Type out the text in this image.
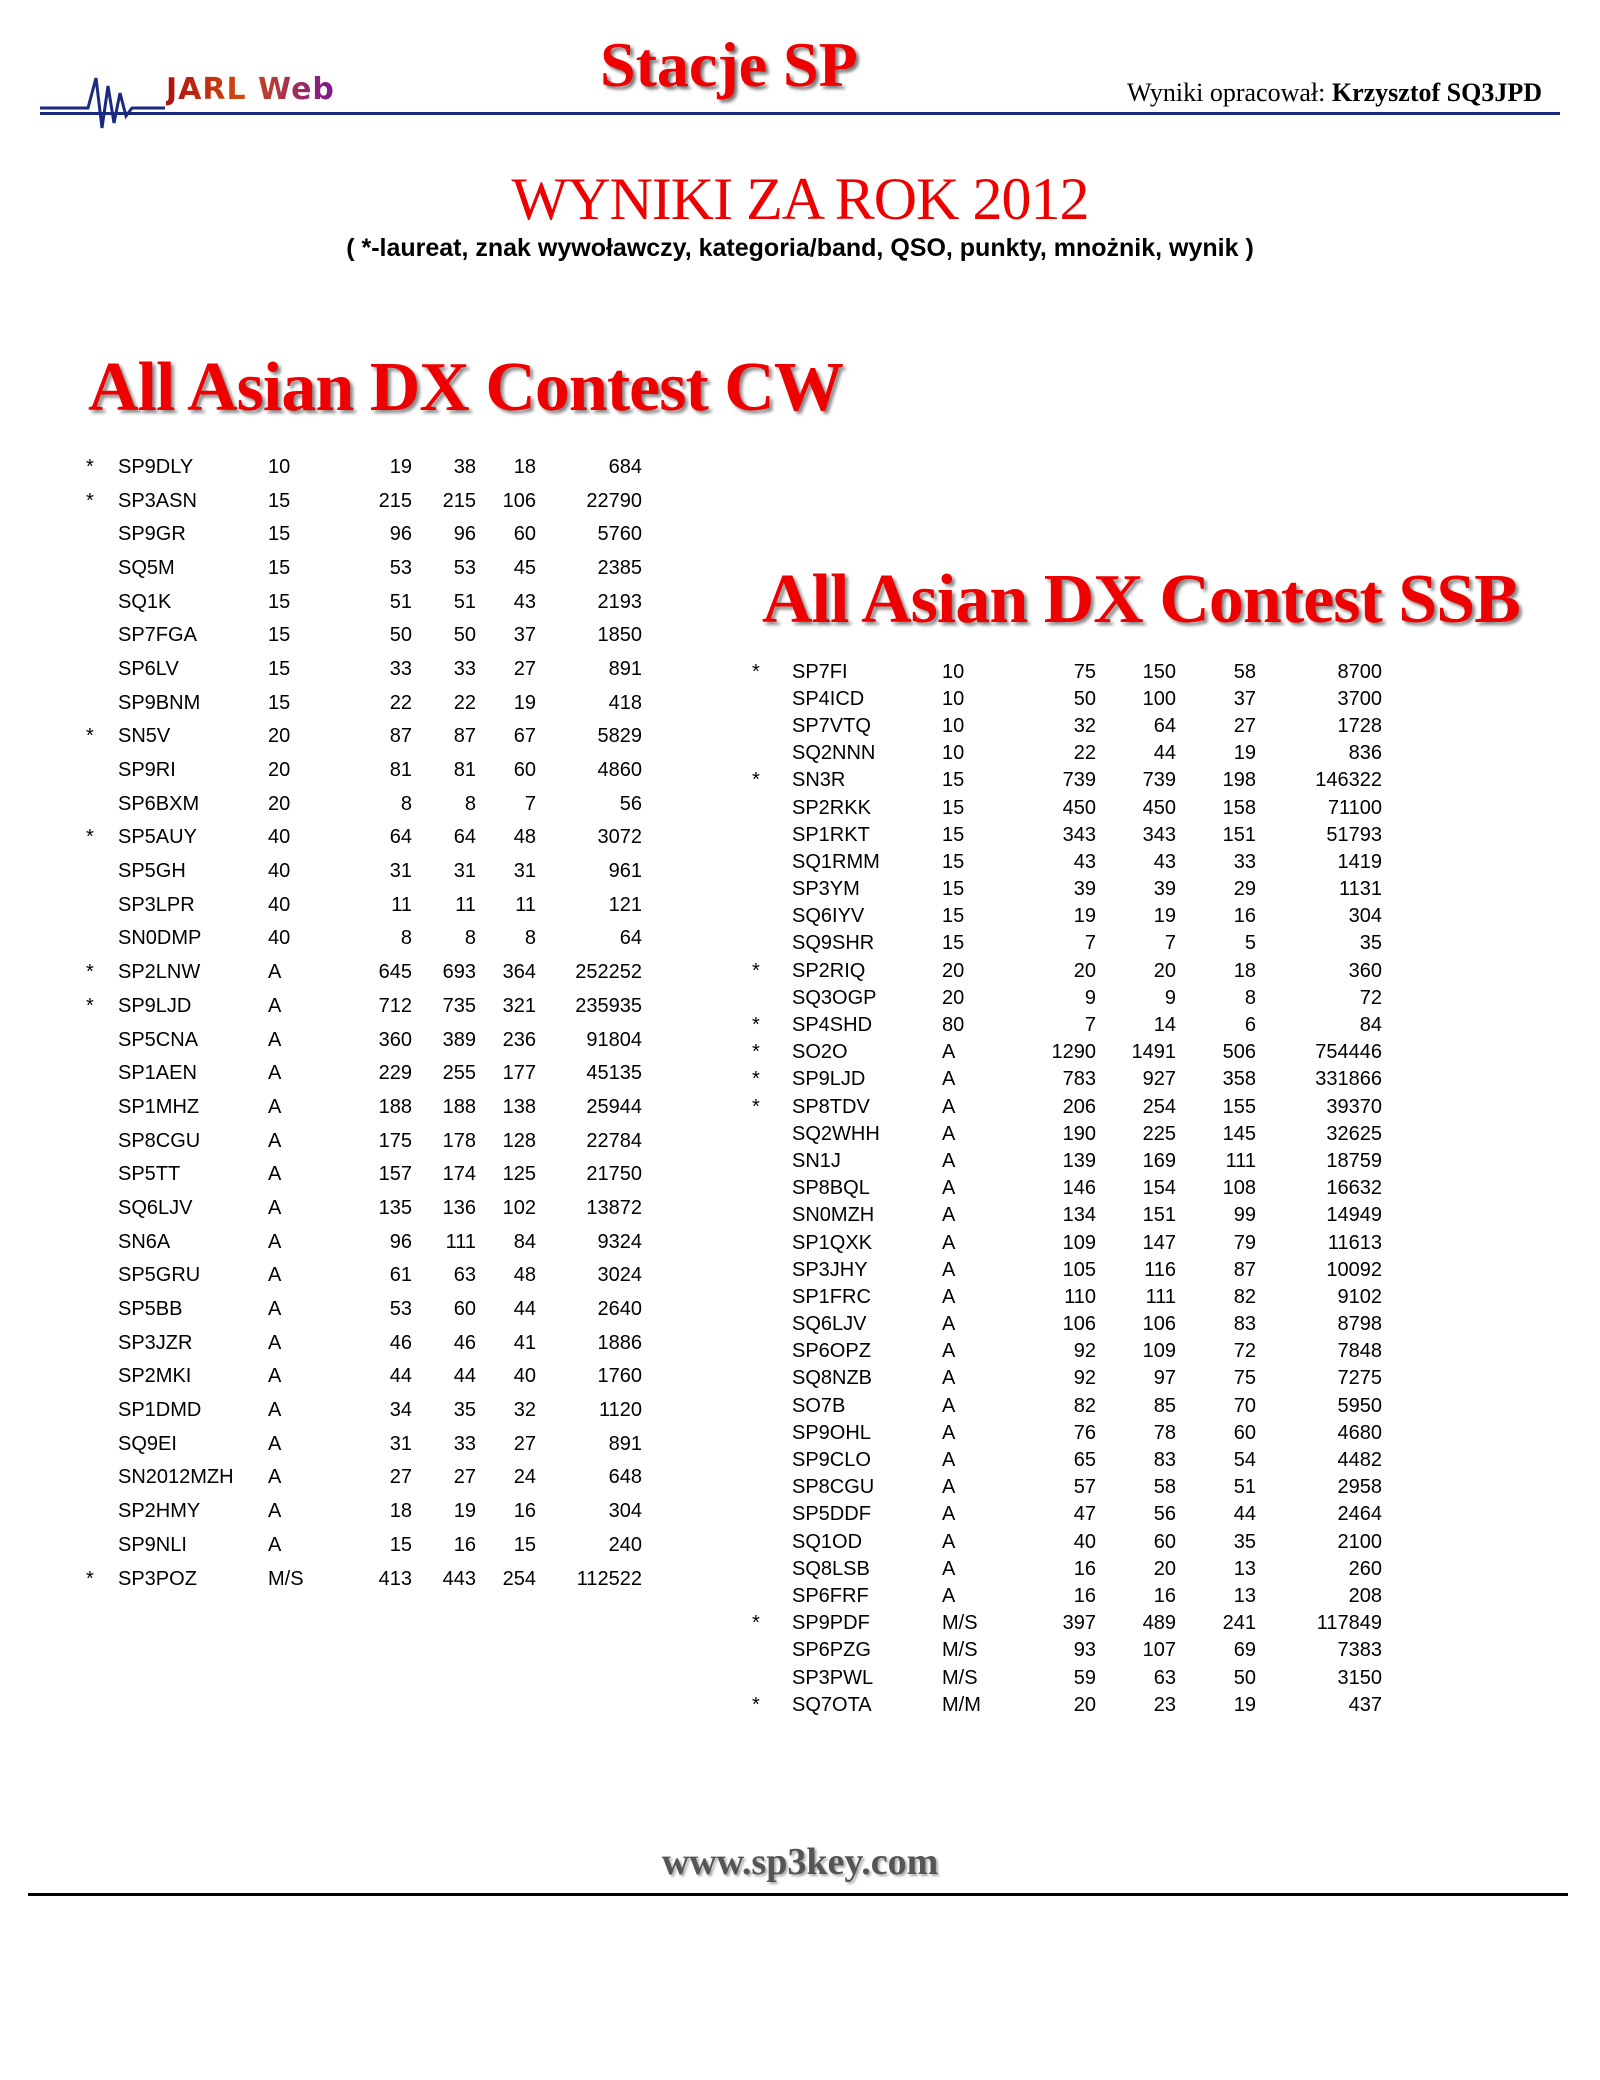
JARL Web	Stacje SP	Wyniki opracował: Krzysztof SQ3JPD
WYNIKI ZA ROK 2012
( *-laureat, znak wywoławczy, kategoria/band, QSO, punkty, mnożnik, wynik )
All Asian DX Contest CW
*	SP9DLY	10	19	38	18	684
*	SP3ASN	15	215	215	106	22790
	SP9GR	15	96	96	60	5760
	SQ5M	15	53	53	45	2385
	SQ1K	15	51	51	43	2193
	SP7FGA	15	50	50	37	1850
	SP6LV	15	33	33	27	891
	SP9BNM	15	22	22	19	418
*	SN5V	20	87	87	67	5829
	SP9RI	20	81	81	60	4860
	SP6BXM	20	8	8	7	56
*	SP5AUY	40	64	64	48	3072
	SP5GH	40	31	31	31	961
	SP3LPR	40	11	11	11	121
	SN0DMP	40	8	8	8	64
*	SP2LNW	A	645	693	364	252252
*	SP9LJD	A	712	735	321	235935
	SP5CNA	A	360	389	236	91804
	SP1AEN	A	229	255	177	45135
	SP1MHZ	A	188	188	138	25944
	SP8CGU	A	175	178	128	22784
	SP5TT	A	157	174	125	21750
	SQ6LJV	A	135	136	102	13872
	SN6A	A	96	111	84	9324
	SP5GRU	A	61	63	48	3024
	SP5BB	A	53	60	44	2640
	SP3JZR	A	46	46	41	1886
	SP2MKI	A	44	44	40	1760
	SP1DMD	A	34	35	32	1120
	SQ9EI	A	31	33	27	891
	SN2012MZH	A	27	27	24	648
	SP2HMY	A	18	19	16	304
	SP9NLI	A	15	16	15	240
*	SP3POZ	M/S	413	443	254	112522
All Asian DX Contest SSB
*	SP7FI	10	75	150	58	8700
	SP4ICD	10	50	100	37	3700
	SP7VTQ	10	32	64	27	1728
	SQ2NNN	10	22	44	19	836
*	SN3R	15	739	739	198	146322
	SP2RKK	15	450	450	158	71100
	SP1RKT	15	343	343	151	51793
	SQ1RMM	15	43	43	33	1419
	SP3YM	15	39	39	29	1131
	SQ6IYV	15	19	19	16	304
	SQ9SHR	15	7	7	5	35
*	SP2RIQ	20	20	20	18	360
	SQ3OGP	20	9	9	8	72
*	SP4SHD	80	7	14	6	84
*	SO2O	A	1290	1491	506	754446
*	SP9LJD	A	783	927	358	331866
*	SP8TDV	A	206	254	155	39370
	SQ2WHH	A	190	225	145	32625
	SN1J	A	139	169	111	18759
	SP8BQL	A	146	154	108	16632
	SN0MZH	A	134	151	99	14949
	SP1QXK	A	109	147	79	11613
	SP3JHY	A	105	116	87	10092
	SP1FRC	A	110	111	82	9102
	SQ6LJV	A	106	106	83	8798
	SP6OPZ	A	92	109	72	7848
	SQ8NZB	A	92	97	75	7275
	SO7B	A	82	85	70	5950
	SP9OHL	A	76	78	60	4680
	SP9CLO	A	65	83	54	4482
	SP8CGU	A	57	58	51	2958
	SP5DDF	A	47	56	44	2464
	SQ1OD	A	40	60	35	2100
	SQ8LSB	A	16	20	13	260
	SP6FRF	A	16	16	13	208
*	SP9PDF	M/S	397	489	241	117849
	SP6PZG	M/S	93	107	69	7383
	SP3PWL	M/S	59	63	50	3150
*	SQ7OTA	M/M	20	23	19	437
www.sp3key.com
